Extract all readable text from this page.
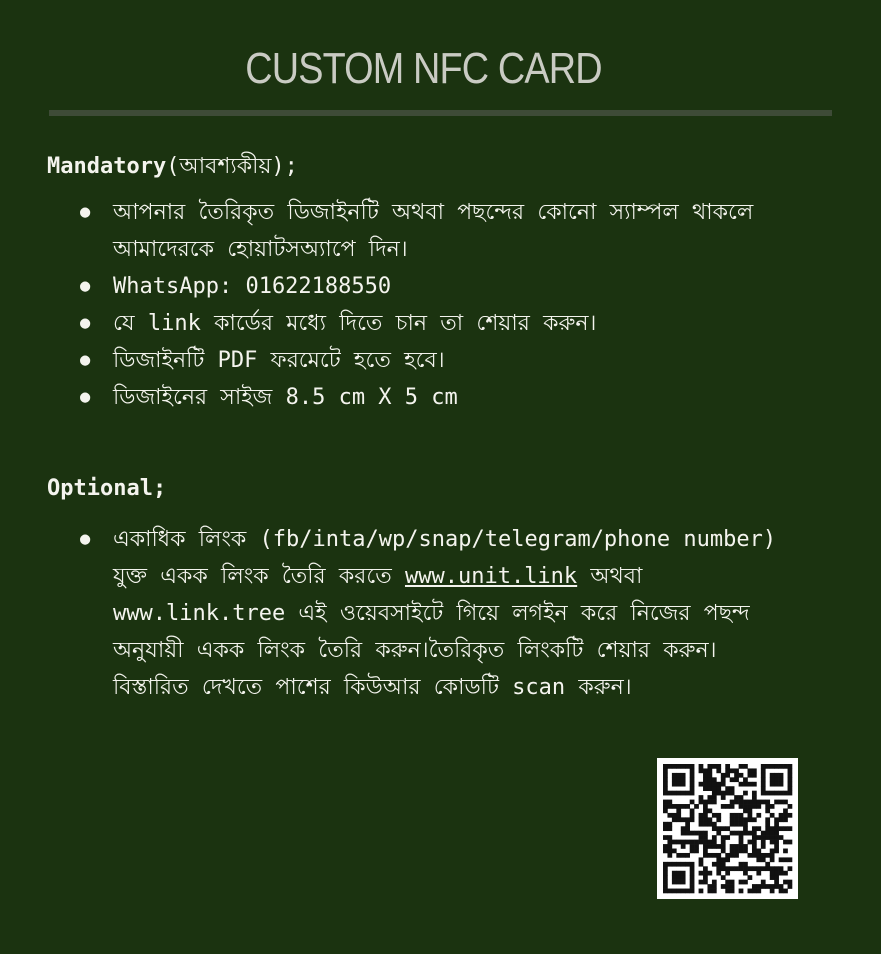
CUSTOM NFC CARD
Mandatory(আবশ্যকীয়);
● আপনার তৈরিকৃত ডিজাইনটি অথবা পছন্দের কোনো স্যাম্পল থাকলে আমাদেরকে হোয়াটসঅ্যাপে দিন।
● WhatsApp: 01622188550
● যে link কার্ডের মধ্যে দিতে চান তা শেয়ার করুন।
● ডিজাইনটি PDF ফরমেটে হতে হবে।
● ডিজাইনের সাইজ 8.5 cm X 5 cm
Optional;
● একাধিক লিংক (fb/inta/wp/snap/telegram/phone number) যুক্ত একক লিংক তৈরি করতে www.unit.link অথবা www.link.tree এই ওয়েবসাইটে গিয়ে লগইন করে নিজের পছন্দ অনুযায়ী একক লিংক তৈরি করুন।তৈরিকৃত লিংকটি শেয়ার করুন। বিস্তারিত দেখতে পাশের কিউআর কোডটি scan করুন।
